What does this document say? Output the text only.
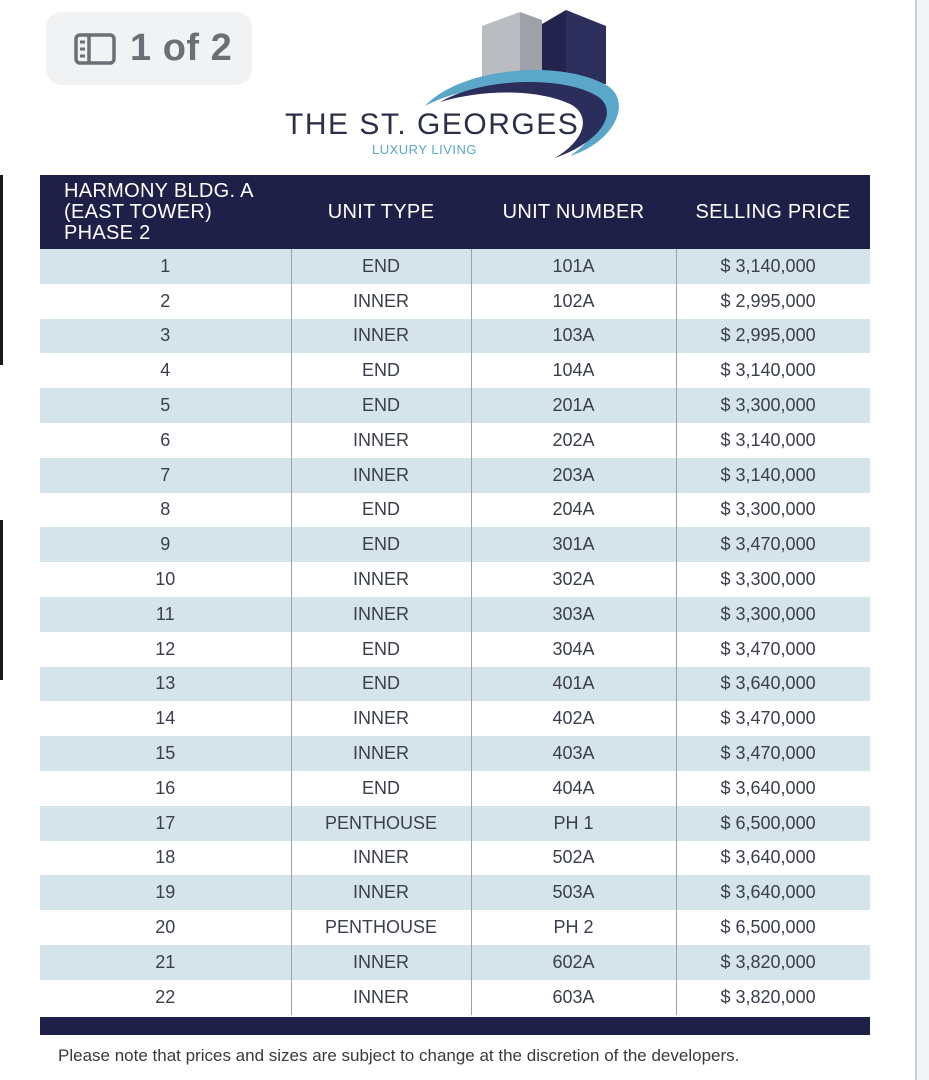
1 of 2
THE ST. GEORGES
LUXURY LIVING
HARMONY BLDG. A
(EAST TOWER)
PHASE 2	UNIT TYPE	UNIT NUMBER	SELLING PRICE
1	END	101A	$ 3,140,000
2	INNER	102A	$ 2,995,000
3	INNER	103A	$ 2,995,000
4	END	104A	$ 3,140,000
5	END	201A	$ 3,300,000
6	INNER	202A	$ 3,140,000
7	INNER	203A	$ 3,140,000
8	END	204A	$ 3,300,000
9	END	301A	$ 3,470,000
10	INNER	302A	$ 3,300,000
11	INNER	303A	$ 3,300,000
12	END	304A	$ 3,470,000
13	END	401A	$ 3,640,000
14	INNER	402A	$ 3,470,000
15	INNER	403A	$ 3,470,000
16	END	404A	$ 3,640,000
17	PENTHOUSE	PH 1	$ 6,500,000
18	INNER	502A	$ 3,640,000
19	INNER	503A	$ 3,640,000
20	PENTHOUSE	PH 2	$ 6,500,000
21	INNER	602A	$ 3,820,000
22	INNER	603A	$ 3,820,000
Please note that prices and sizes are subject to change at the discretion of the developers.
